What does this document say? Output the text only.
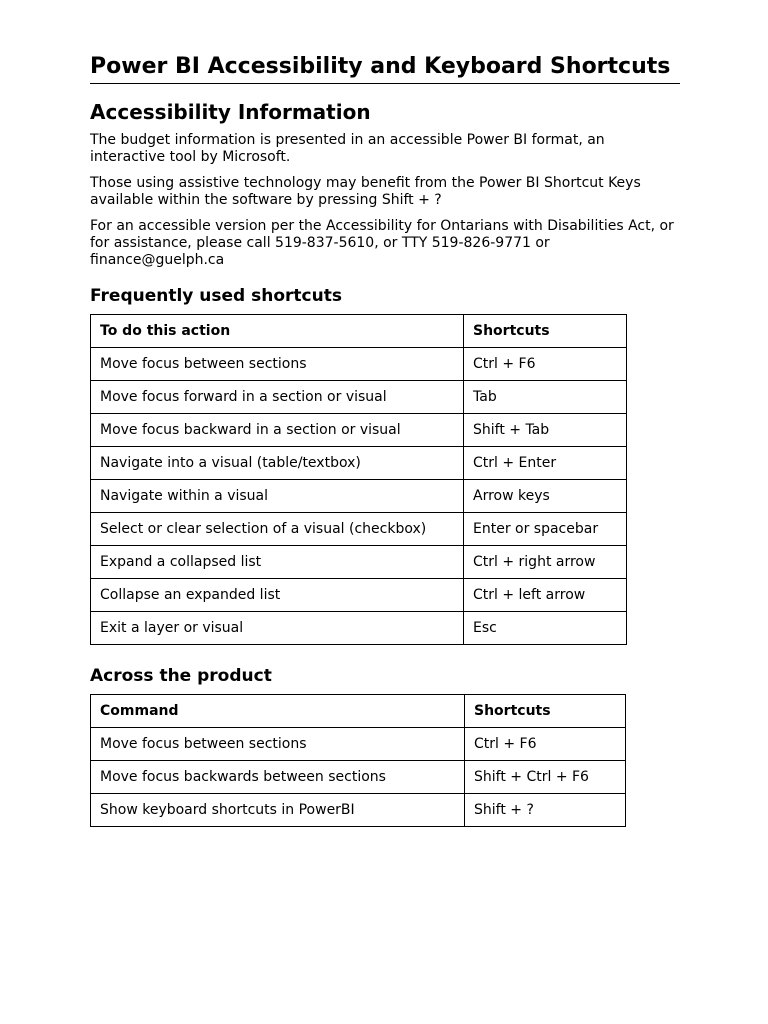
Power BI Accessibility and Keyboard Shortcuts
Accessibility Information
The budget information is presented in an accessible Power BI format, an interactive tool by Microsoft.
Those using assistive technology may benefit from the Power BI Shortcut Keys available within the software by pressing Shift + ?
For an accessible version per the Accessibility for Ontarians with Disabilities Act, or for assistance, please call 519-837-5610, or TTY 519-826-9771 or finance@guelph.ca
Frequently used shortcuts
To do this action	Shortcuts
Move focus between sections	Ctrl + F6
Move focus forward in a section or visual	Tab
Move focus backward in a section or visual	Shift + Tab
Navigate into a visual (table/textbox)	Ctrl + Enter
Navigate within a visual	Arrow keys
Select or clear selection of a visual (checkbox)	Enter or spacebar
Expand a collapsed list	Ctrl + right arrow
Collapse an expanded list	Ctrl + left arrow
Exit a layer or visual	Esc
Across the product
Command	Shortcuts
Move focus between sections	Ctrl + F6
Move focus backwards between sections	Shift + Ctrl + F6
Show keyboard shortcuts in PowerBI	Shift + ?
